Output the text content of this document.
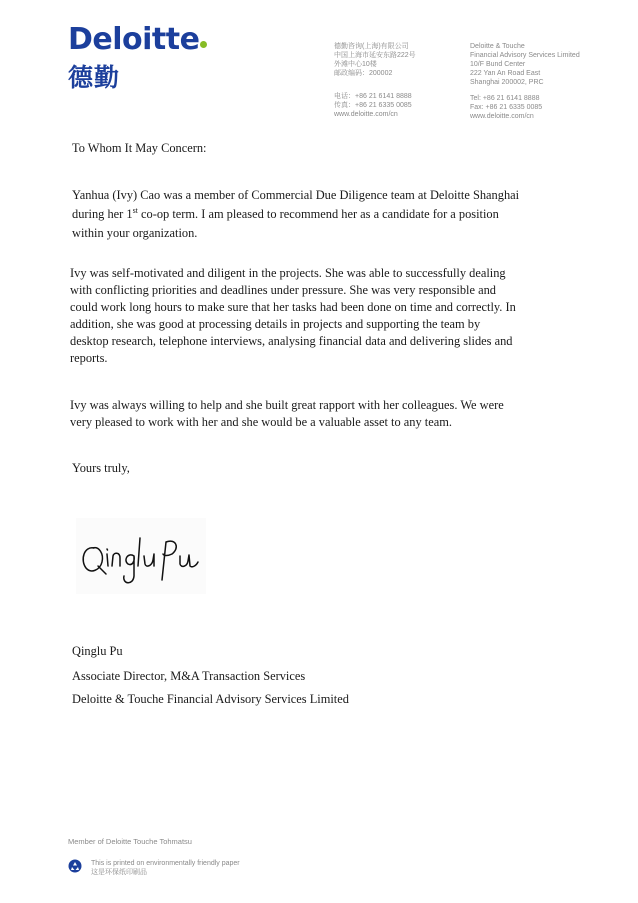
Deloitte
德勤
德勤咨询(上海)有限公司
中国上海市延安东路222号
外滩中心10楼
邮政编码：200002
电话：+86 21 6141 8888
传真：+86 21 6335 0085
www.deloitte.com/cn
Deloitte & Touche
Financial Advisory Services Limited
10/F Bund Center
222 Yan An Road East
Shanghai 200002, PRC
Tel: +86 21 6141 8888
Fax: +86 21 6335 0085
www.deloitte.com/cn
To Whom It May Concern:
Yanhua (Ivy) Cao was a member of Commercial Due Diligence team at Deloitte Shanghai
during her 1st co-op term. I am pleased to recommend her as a candidate for a position
within your organization.
Ivy was self-motivated and diligent in the projects. She was able to successfully dealing
with conflicting priorities and deadlines under pressure. She was very responsible and
could work long hours to make sure that her tasks had been done on time and correctly. In
addition, she was good at processing details in projects and supporting the team by
desktop research, telephone interviews, analysing financial data and delivering slides and
reports.
Ivy was always willing to help and she built great rapport with her colleagues. We were
very pleased to work with her and she would be a valuable asset to any team.
Yours truly,
Qinglu Pu
Associate Director, M&A Transaction Services
Deloitte & Touche Financial Advisory Services Limited
Member of Deloitte Touche Tohmatsu
This is printed on environmentally friendly paper
这是环保纸印刷品
